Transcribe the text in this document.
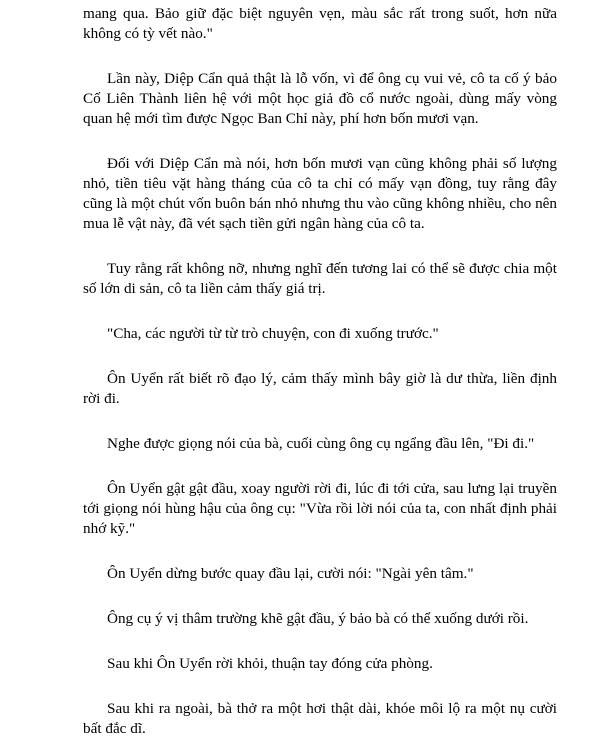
mang qua. Bảo giữ đặc biệt nguyên vẹn, màu sắc rất trong suốt, hơn nữa không có tỳ vết nào."

Lần này, Diệp Cẩn quả thật là lỗ vốn, vì để ông cụ vui vẻ, cô ta cố ý bảo Cố Liên Thành liên hệ với một học giả đồ cổ nước ngoài, dùng mấy vòng quan hệ mới tìm được Ngọc Ban Chỉ này, phí hơn bốn mươi vạn.

Đối với Diệp Cẩn mà nói, hơn bốn mươi vạn cũng không phải số lượng nhỏ, tiền tiêu vặt hàng tháng của cô ta chỉ có mấy vạn đồng, tuy rằng đây cũng là một chút vốn buôn bán nhỏ nhưng thu vào cũng không nhiều, cho nên mua lễ vật này, đã vét sạch tiền gửi ngân hàng của cô ta.

Tuy rằng rất không nỡ, nhưng nghĩ đến tương lai có thể sẽ được chia một số lớn di sản, cô ta liền cảm thấy giá trị.

"Cha, các người từ từ trò chuyện, con đi xuống trước."

Ôn Uyển rất biết rõ đạo lý, cảm thấy mình bây giờ là dư thừa, liền định rời đi.

Nghe được giọng nói của bà, cuối cùng ông cụ ngẩng đầu lên, "Đi đi."

Ôn Uyển gật gật đầu, xoay người rời đi, lúc đi tới cửa, sau lưng lại truyền tới giọng nói hùng hậu của ông cụ: "Vừa rồi lời nói của ta, con nhất định phải nhớ kỹ."

Ôn Uyển dừng bước quay đầu lại, cười nói: "Ngài yên tâm."

Ông cụ ý vị thâm trường khẽ gật đầu, ý bảo bà có thể xuống dưới rồi.

Sau khi Ôn Uyển rời khỏi, thuận tay đóng cửa phòng.

Sau khi ra ngoài, bà thở ra một hơi thật dài, khóe môi lộ ra một nụ cười bất đắc dĩ.
